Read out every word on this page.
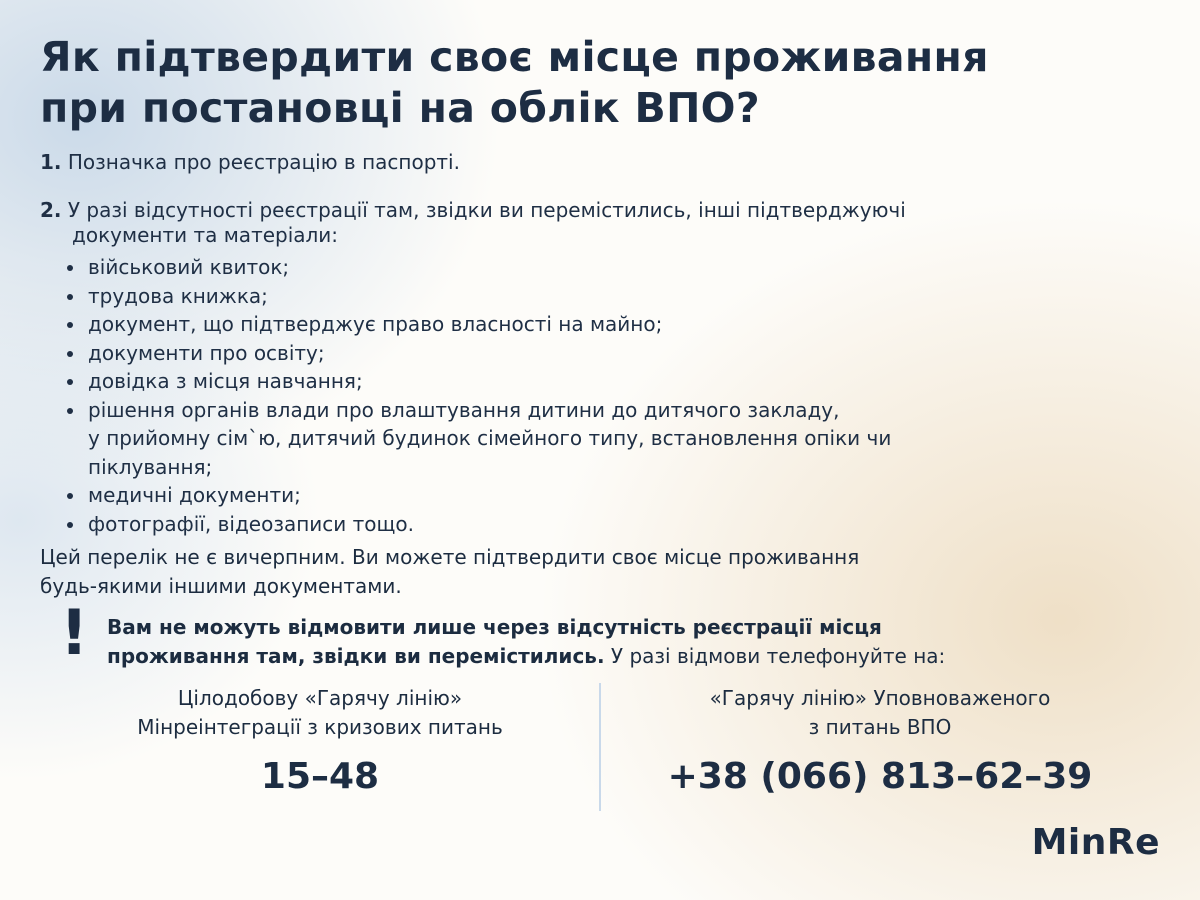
Як підтвердити своє місце проживання
при постановці на облік ВПО?
1. Позначка про реєстрацію в паспорті.
2. У разі відсутності реєстрації там, звідки ви перемістились, інші підтверджуючі
документи та матеріали:
військовий квиток;
трудова книжка;
документ, що підтверджує право власності на майно;
документи про освіту;
довідка з місця навчання;
рішення органів влади про влаштування дитини до дитячого закладу,
у прийомну сім`ю, дитячий будинок сімейного типу, встановлення опіки чи
піклування;
медичні документи;
фотографії, відеозаписи тощо.
Цей перелік не є вичерпним. Ви можете підтвердити своє місце проживання
будь-якими іншими документами.
! Вам не можуть відмовити лише через відсутність реєстрації місця
проживання там, звідки ви перемістились. У разі відмови телефонуйте на:
Цілодобову «Гарячу лінію»
Мінреінтеграції з кризових питань
15–48
«Гарячу лінію» Уповноваженого
з питань ВПО
+38 (066) 813–62–39
MinRe
